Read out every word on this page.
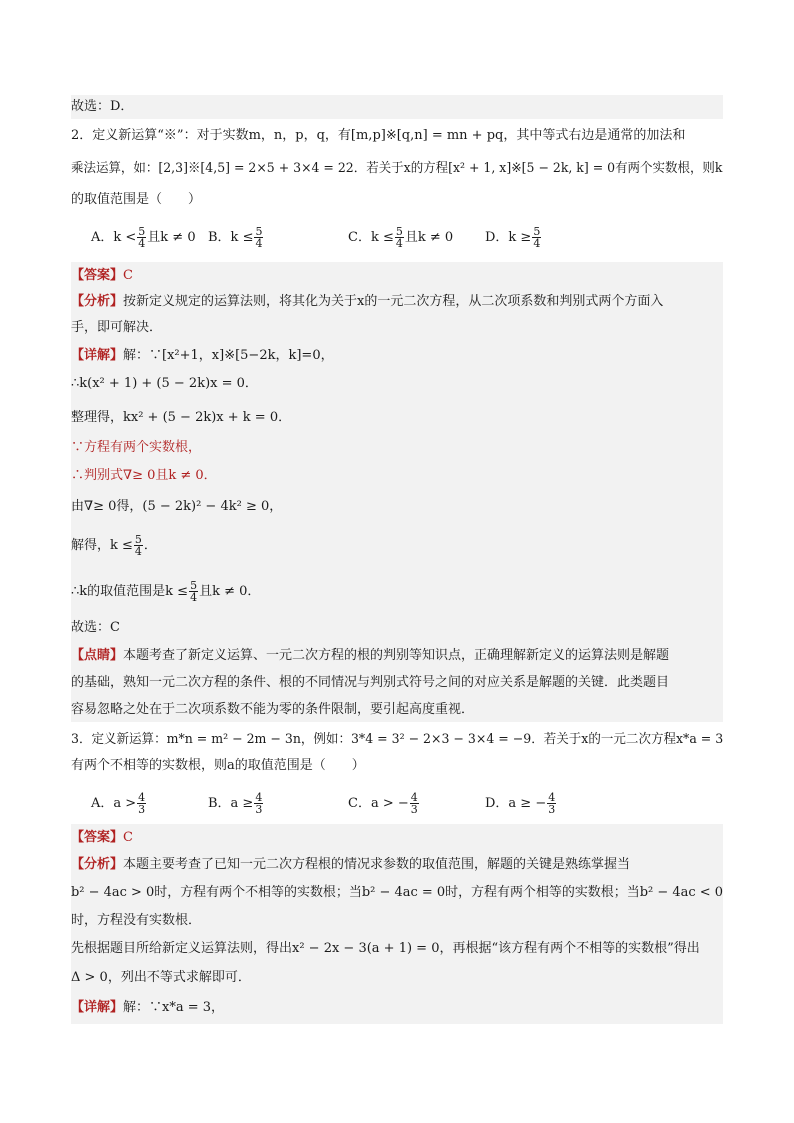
故选：D．
2．定义新运算“※”：对于实数m，n，p，q，有[m,p]※[q,n] = mn + pq，其中等式右边是通常的加法和
乘法运算，如：[2,3]※[4,5] = 2×5 + 3×4 = 22．若关于x的方程[x² + 1, x]※[5 − 2k, k] = 0有两个实数根，则k
的取值范围是（　　）
A．$k < \frac{5}{4}$ 且k ≠ 0 B．$k \le \frac{5}{4}$	C．$k \le \frac{5}{4}$ 且k ≠ 0 D．$k \ge \frac{5}{4}$
【答案】C
【分析】按新定义规定的运算法则，将其化为关于x的一元二次方程，从二次项系数和判别式两个方面入
手，即可解决．
【详解】解：∵[x²+1，x]※[5−2k，k]=0，
∴k(x² + 1) + (5 − 2k)x = 0．
整理得，kx² + (5 − 2k)x + k = 0．
∵方程有两个实数根，
∴判别式∇≥ 0且k ≠ 0．
由∇≥ 0得，(5 − 2k)² − 4k² ≥ 0，
解得，$k \le \frac{5}{4}$ ．
∴k的取值范围是$k \le \frac{5}{4}$ 且k ≠ 0．
故选：C
【点睛】本题考查了新定义运算、一元二次方程的根的判别等知识点，正确理解新定义的运算法则是解题
的基础，熟知一元二次方程的条件、根的不同情况与判别式符号之间的对应关系是解题的关键．此类题目
容易忽略之处在于二次项系数不能为零的条件限制，要引起高度重视．
3．定义新运算：m*n = m² − 2m − 3n，例如：3*4 = 3² − 2×3 − 3×4 = −9．若关于x的一元二次方程x*a = 3
有两个不相等的实数根，则a的取值范围是（　　）
A．$a > \frac{4}{3}$	B．$a \ge \frac{4}{3}$	C．a > − $\frac{4}{3}$	D．a ≥ − $\frac{4}{3}$
【答案】C
【分析】本题主要考查了已知一元二次方程根的情况求参数的取值范围，解题的关键是熟练掌握当
b² − 4ac > 0时，方程有两个不相等的实数根；当b² − 4ac = 0时，方程有两个相等的实数根；当b² − 4ac < 0
时，方程没有实数根．
先根据题目所给新定义运算法则，得出x² − 2x − 3(a + 1) = 0，再根据“该方程有两个不相等的实数根”得出
Δ > 0，列出不等式求解即可．
【详解】解：∵x*a = 3，
